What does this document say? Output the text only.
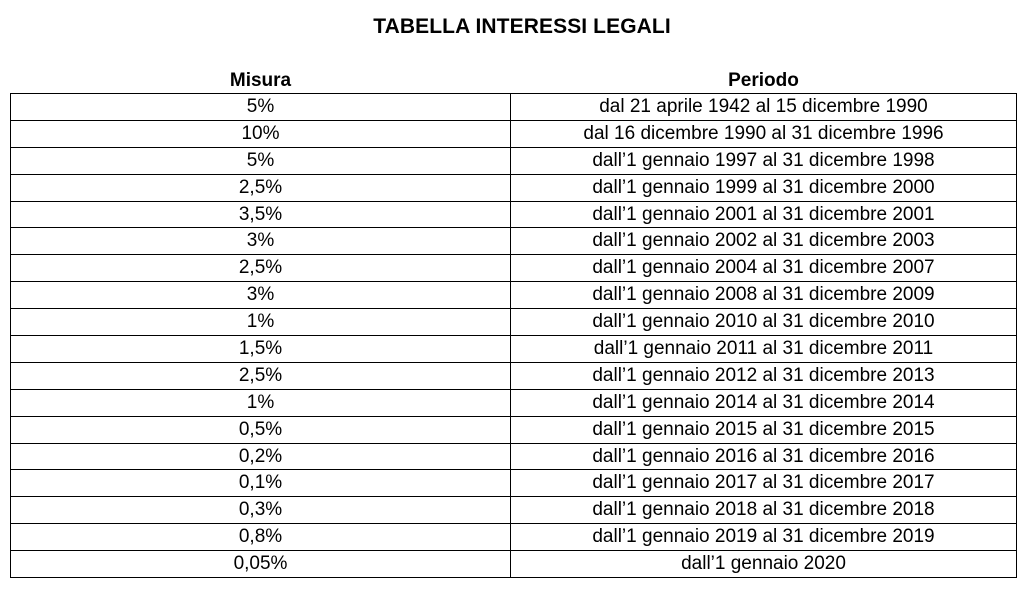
TABELLA INTERESSI LEGALI
Misura	Periodo
5%	dal 21 aprile 1942 al 15 dicembre 1990
10%	dal 16 dicembre 1990 al 31 dicembre 1996
5%	dall’1 gennaio 1997 al 31 dicembre 1998
2,5%	dall’1 gennaio 1999 al 31 dicembre 2000
3,5%	dall’1 gennaio 2001 al 31 dicembre 2001
3%	dall’1 gennaio 2002 al 31 dicembre 2003
2,5%	dall’1 gennaio 2004 al 31 dicembre 2007
3%	dall’1 gennaio 2008 al 31 dicembre 2009
1%	dall’1 gennaio 2010 al 31 dicembre 2010
1,5%	dall’1 gennaio 2011 al 31 dicembre 2011
2,5%	dall’1 gennaio 2012 al 31 dicembre 2013
1%	dall’1 gennaio 2014 al 31 dicembre 2014
0,5%	dall’1 gennaio 2015 al 31 dicembre 2015
0,2%	dall’1 gennaio 2016 al 31 dicembre 2016
0,1%	dall’1 gennaio 2017 al 31 dicembre 2017
0,3%	dall’1 gennaio 2018 al 31 dicembre 2018
0,8%	dall’1 gennaio 2019 al 31 dicembre 2019
0,05%	dall’1 gennaio 2020
